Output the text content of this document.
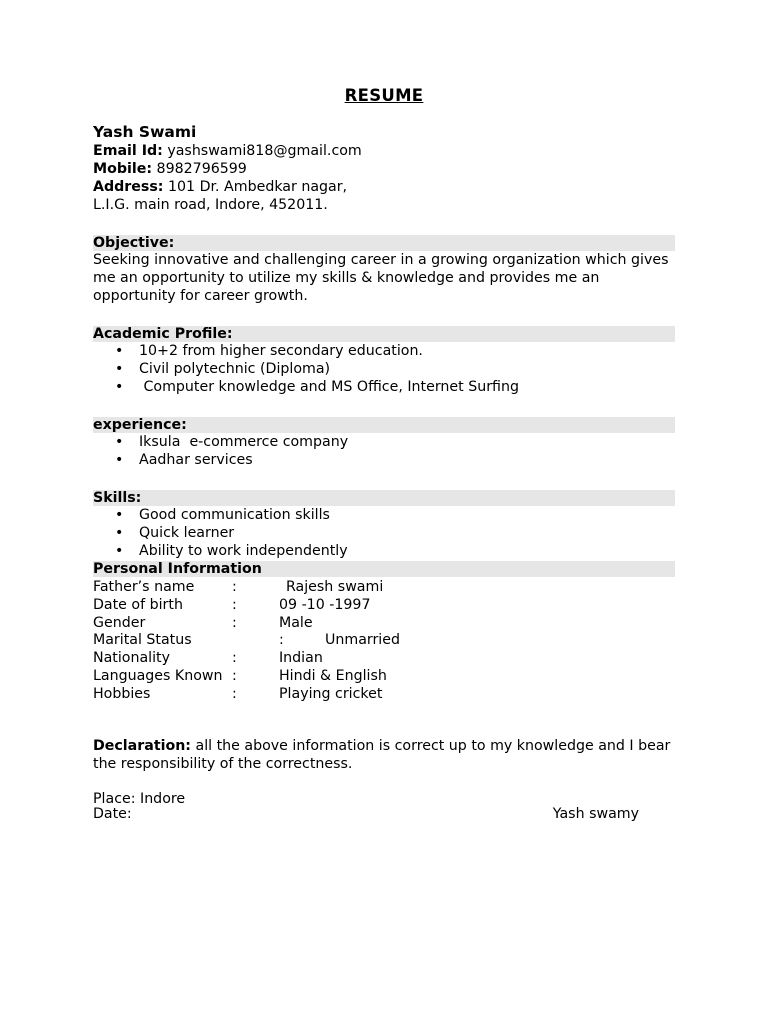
RESUME
Yash Swami
Email Id: yashswami818@gmail.com
Mobile: 8982796599
Address: 101 Dr. Ambedkar nagar,
L.I.G. main road, Indore, 452011.
Objective:
Seeking innovative and challenging career in a growing organization which gives me an opportunity to utilize my skills & knowledge and provides me an opportunity for career growth.
Academic Profile:
• 10+2 from higher secondary education.
• Civil polytechnic (Diploma)
• Computer knowledge and MS Office, Internet Surfing
experience:
• Iksula  e-commerce company
• Aadhar services
Skills:
• Good communication skills
• Quick learner
• Ability to work independently
Personal Information
Father’s name	:	Rajesh swami
Date of birth	:	09 -10 -1997
Gender	:	Male
Marital Status	:	Unmarried
Nationality	:	Indian
Languages Known :	Hindi & English
Hobbies	:	Playing cricket
Declaration: all the above information is correct up to my knowledge and I bear the responsibility of the correctness.
Place: Indore
Date:	Yash swamy
